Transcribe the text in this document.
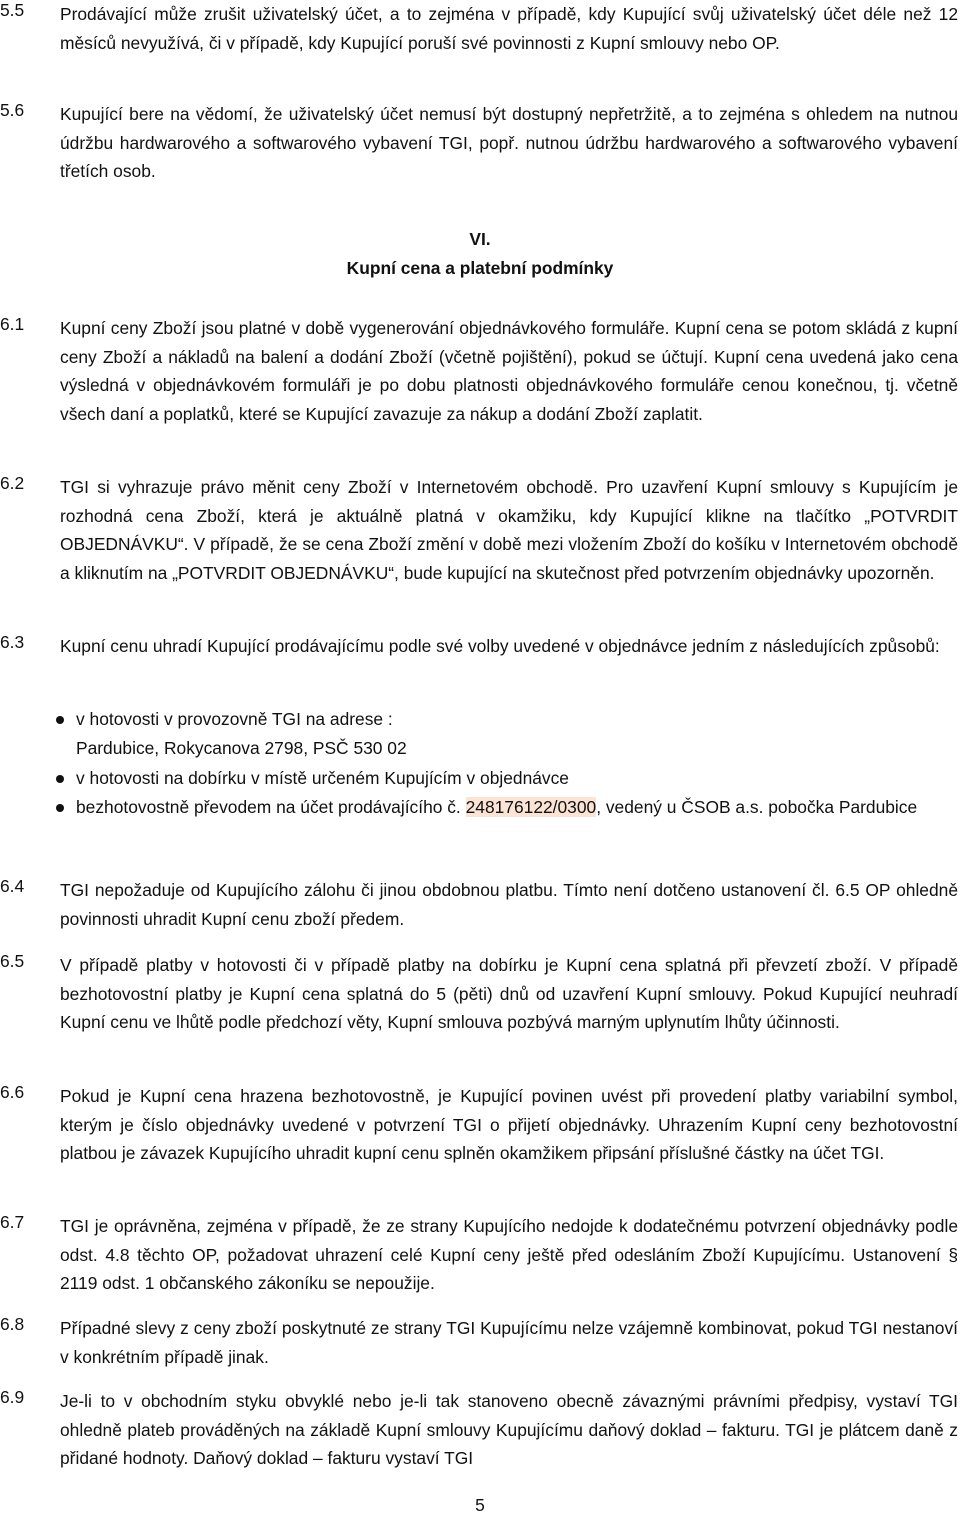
5.5	Prodávající může zrušit uživatelský účet, a to zejména v případě, kdy Kupující svůj uživatelský účet déle než 12 měsíců nevyužívá, či v případě, kdy Kupující poruší své povinnosti z Kupní smlouvy nebo OP.
5.6	Kupující bere na vědomí, že uživatelský účet nemusí být dostupný nepřetržitě, a to zejména s ohledem na nutnou údržbu hardwarového a softwarového vybavení TGI, popř. nutnou údržbu hardwarového a softwarového vybavení třetích osob.
VI.
Kupní cena a platební podmínky
6.1	Kupní ceny Zboží jsou platné v době vygenerování objednávkového formuláře. Kupní cena se potom skládá z kupní ceny Zboží a nákladů na balení a dodání Zboží (včetně pojištění), pokud se účtují. Kupní cena uvedená jako cena výsledná v objednávkovém formuláři je po dobu platnosti objednávkového formuláře cenou konečnou, tj. včetně všech daní a poplatků, které se Kupující zavazuje za nákup a dodání Zboží zaplatit.
6.2	TGI si vyhrazuje právo měnit ceny Zboží v Internetovém obchodě. Pro uzavření Kupní smlouvy s Kupujícím je rozhodná cena Zboží, která je aktuálně platná v okamžiku, kdy Kupující klikne na tlačítko „POTVRDIT OBJEDNÁVKU“. V případě, že se cena Zboží změní v době mezi vložením Zboží do košíku v Internetovém obchodě a kliknutím na „POTVRDIT OBJEDNÁVKU“, bude kupující na skutečnost před potvrzením objednávky upozorněn.
6.3	Kupní cenu uhradí Kupující prodávajícímu podle své volby uvedené v objednávce jedním z následujících způsobů:
v hotovosti v provozovně TGI na adrese :
Pardubice, Rokycanova 2798, PSČ 530 02
v hotovosti na dobírku v místě určeném Kupujícím v objednávce
bezhotovostně převodem na účet prodávajícího č. 248176122/0300, vedený u ČSOB a.s. pobočka Pardubice
6.4	TGI nepožaduje od Kupujícího zálohu či jinou obdobnou platbu. Tímto není dotčeno ustanovení čl. 6.5 OP ohledně povinnosti uhradit Kupní cenu zboží předem.
6.5	V případě platby v hotovosti či v případě platby na dobírku je Kupní cena splatná při převzetí zboží. V případě bezhotovostní platby je Kupní cena splatná do 5 (pěti) dnů od uzavření Kupní smlouvy. Pokud Kupující neuhradí Kupní cenu ve lhůtě podle předchozí věty, Kupní smlouva pozbývá marným uplynutím lhůty účinnosti.
6.6	Pokud je Kupní cena hrazena bezhotovostně, je Kupující povinen uvést při provedení platby variabilní symbol, kterým je číslo objednávky uvedené v potvrzení TGI o přijetí objednávky. Uhrazením Kupní ceny bezhotovostní platbou je závazek Kupujícího uhradit kupní cenu splněn okamžikem připsání příslušné částky na účet TGI.
6.7	TGI je oprávněna, zejména v případě, že ze strany Kupujícího nedojde k dodatečnému potvrzení objednávky podle odst. 4.8 těchto OP, požadovat uhrazení celé Kupní ceny ještě před odesláním Zboží Kupujícímu. Ustanovení § 2119 odst. 1 občanského zákoníku se nepoužije.
6.8	Případné slevy z ceny zboží poskytnuté ze strany TGI Kupujícímu nelze vzájemně kombinovat, pokud TGI nestanoví v konkrétním případě jinak.
6.9	Je-li to v obchodním styku obvyklé nebo je-li tak stanoveno obecně závaznými právními předpisy, vystaví TGI ohledně plateb prováděných na základě Kupní smlouvy Kupujícímu daňový doklad – fakturu. TGI je plátcem daně z přidané hodnoty. Daňový doklad – fakturu vystaví TGI
5
